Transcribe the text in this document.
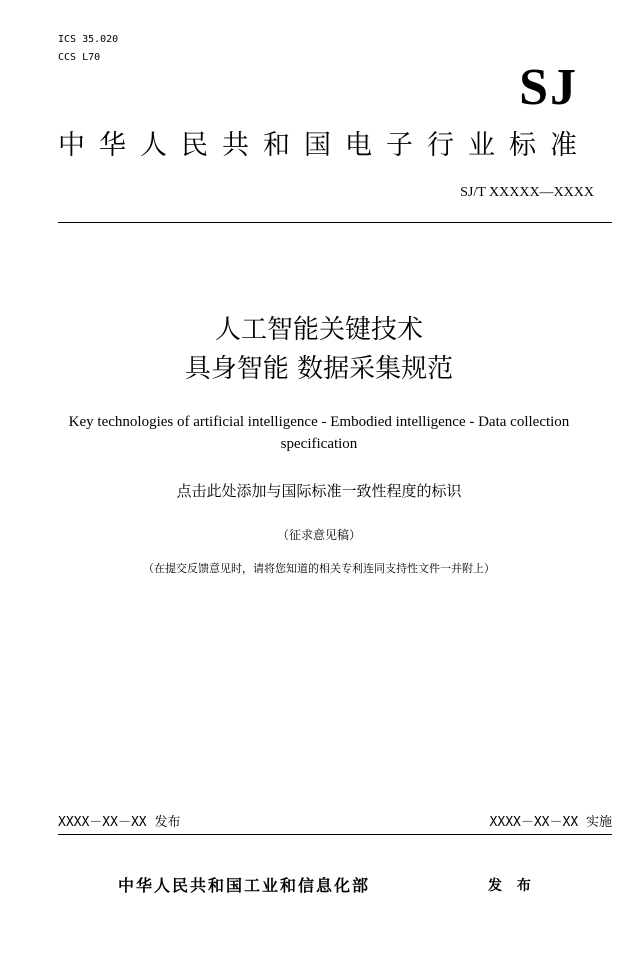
ICS 35.020
CCS L70
SJ
中华人民共和国电子行业标准
SJ/T XXXXX—XXXX
人工智能关键技术
具身智能 数据采集规范
Key technologies of artificial intelligence - Embodied intelligence - Data collection specification
点击此处添加与国际标准一致性程度的标识
（征求意见稿）
（在提交反馈意见时，请将您知道的相关专利连同支持性文件一并附上）
XXXX－XX－XX 发布	XXXX－XX－XX 实施
中华人民共和国工业和信息化部	发 布
